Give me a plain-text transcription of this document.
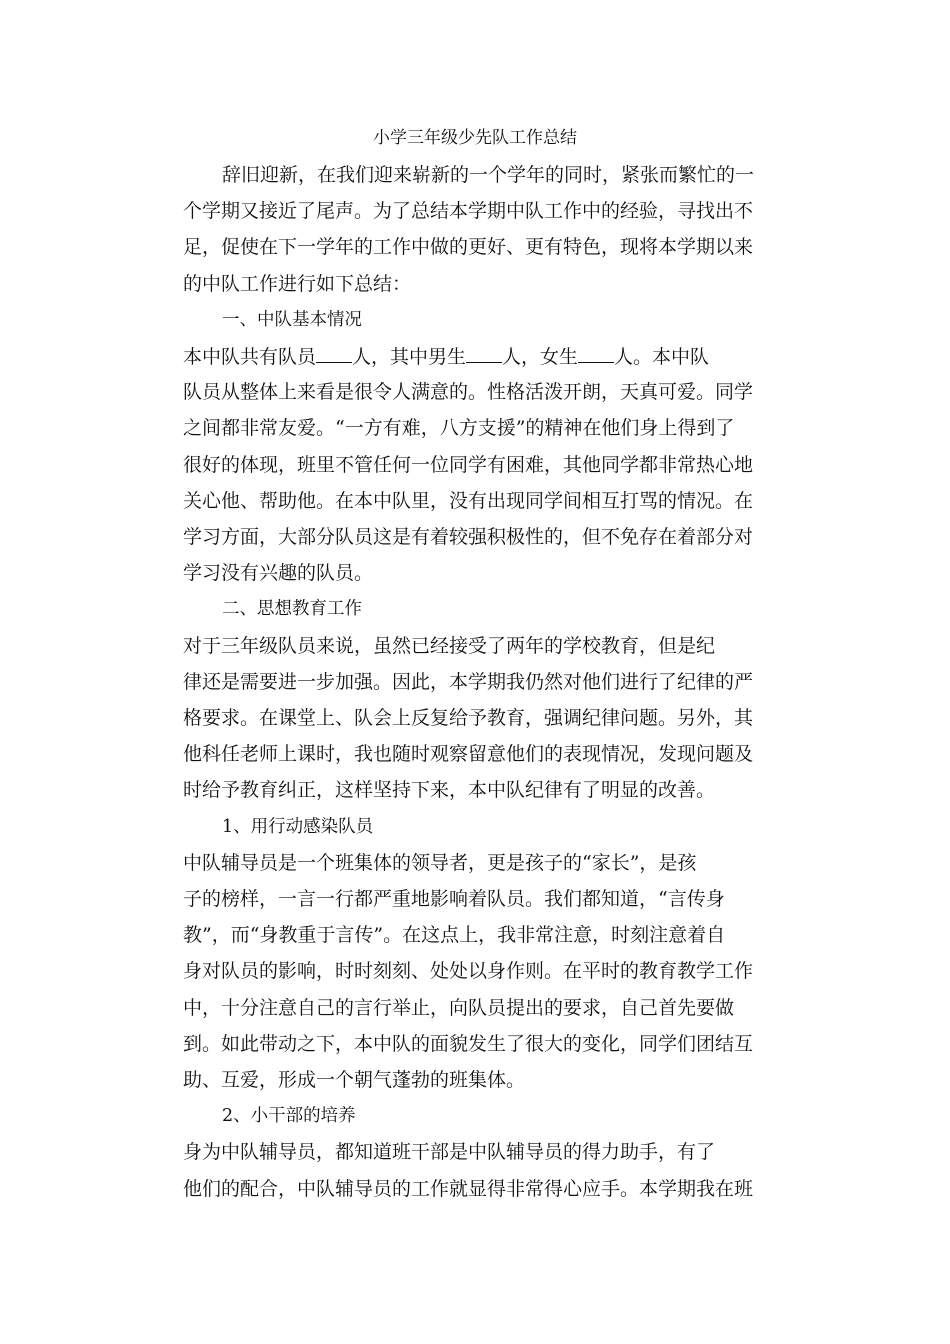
小学三年级少先队工作总结
辞旧迎新，在我们迎来崭新的一个学年的同时，紧张而繁忙的一
个学期又接近了尾声。为了总结本学期中队工作中的经验，寻找出不
足，促使在下一学年的工作中做的更好、更有特色，现将本学期以来
的中队工作进行如下总结：
一、中队基本情况
本中队共有队员 人，其中男生 人，女生 人。本中队
队员从整体上来看是很令人满意的。性格活泼开朗，天真可爱。同学
之间都非常友爱。“一方有难，八方支援”的精神在他们身上得到了
很好的体现，班里不管任何一位同学有困难，其他同学都非常热心地
关心他、帮助他。在本中队里，没有出现同学间相互打骂的情况。在
学习方面，大部分队员这是有着较强积极性的，但不免存在着部分对
学习没有兴趣的队员。
二、思想教育工作
对于三年级队员来说，虽然已经接受了两年的学校教育，但是纪
律还是需要进一步加强。因此，本学期我仍然对他们进行了纪律的严
格要求。在课堂上、队会上反复给予教育，强调纪律问题。另外，其
他科任老师上课时，我也随时观察留意他们的表现情况，发现问题及
时给予教育纠正，这样坚持下来，本中队纪律有了明显的改善。
1、用行动感染队员
中队辅导员是一个班集体的领导者，更是孩子的“家长”，是孩
子的榜样，一言一行都严重地影响着队员。我们都知道，“言传身
教”，而“身教重于言传”。在这点上，我非常注意，时刻注意着自
身对队员的影响，时时刻刻、处处以身作则。在平时的教育教学工作
中，十分注意自己的言行举止，向队员提出的要求，自己首先要做
到。如此带动之下，本中队的面貌发生了很大的变化，同学们团结互
助、互爱，形成一个朝气蓬勃的班集体。
2、小干部的培养
身为中队辅导员，都知道班干部是中队辅导员的得力助手，有了
他们的配合，中队辅导员的工作就显得非常得心应手。本学期我在班
